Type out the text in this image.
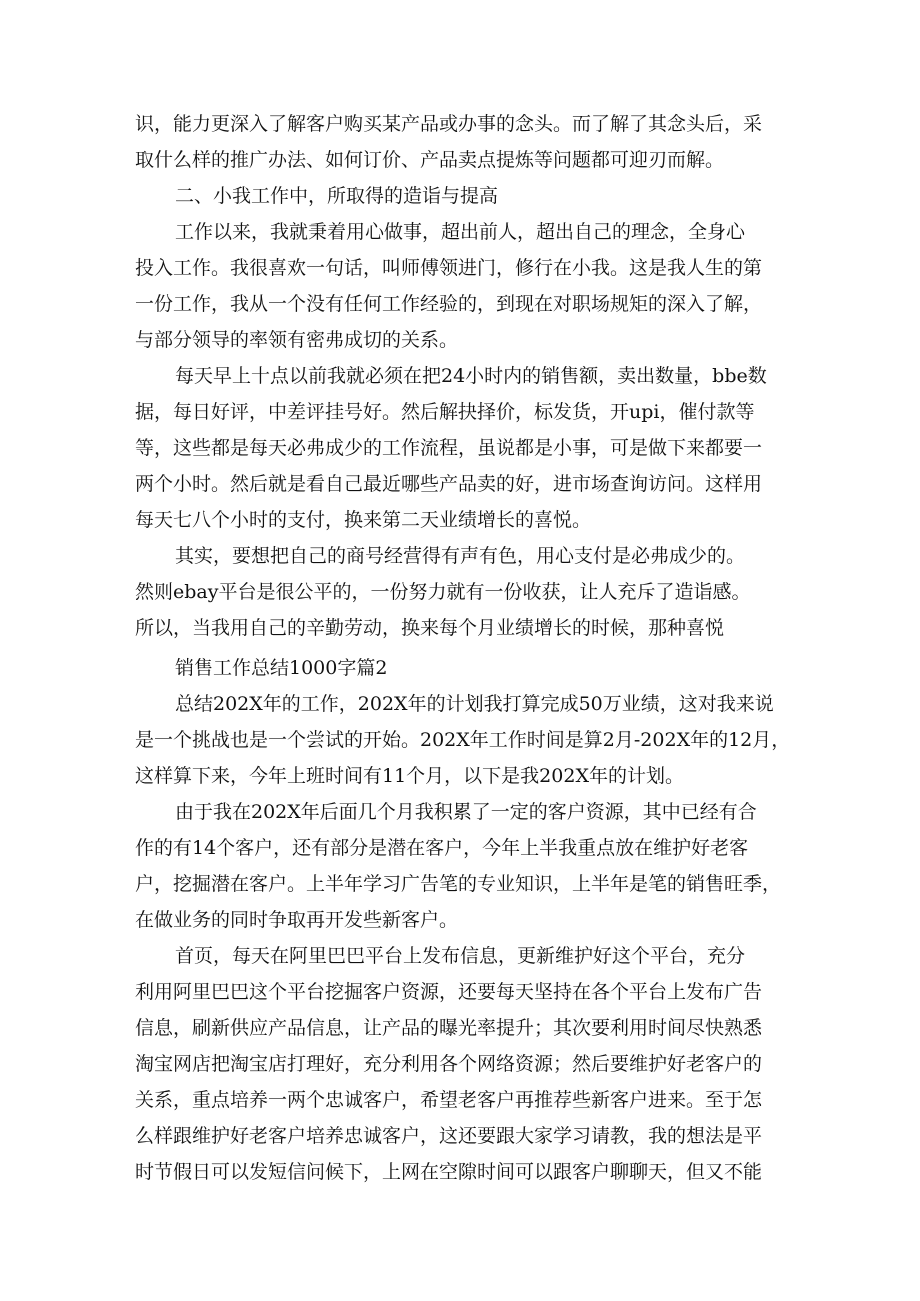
识，能力更深入了解客户购买某产品或办事的念头。而了解了其念头后，采
取什么样的推广办法、如何订价、产品卖点提炼等问题都可迎刃而解。
二、小我工作中，所取得的造诣与提高
工作以来，我就秉着用心做事，超出前人，超出自己的理念，全身心
投入工作。我很喜欢一句话，叫师傅领进门，修行在小我。这是我人生的第
一份工作，我从一个没有任何工作经验的，到现在对职场规矩的深入了解，
与部分领导的率领有密弗成切的关系。
每天早上十点以前我就必须在把24小时内的销售额，卖出数量，bbe数
据，每日好评，中差评挂号好。然后解抉择价，标发货，开upi，催付款等
等，这些都是每天必弗成少的工作流程，虽说都是小事，可是做下来都要一
两个小时。然后就是看自己最近哪些产品卖的好，进市场查询访问。这样用
每天七八个小时的支付，换来第二天业绩增长的喜悦。
其实，要想把自己的商号经营得有声有色，用心支付是必弗成少的。
然则ebay平台是很公平的，一份努力就有一份收获，让人充斥了造诣感。
所以，当我用自己的辛勤劳动，换来每个月业绩增长的时候，那种喜悦
销售工作总结1000字篇2
总结202X年的工作，202X年的计划我打算完成50万业绩，这对我来说
是一个挑战也是一个尝试的开始。202X年工作时间是算2月-202X年的12月，
这样算下来，今年上班时间有11个月，以下是我202X年的计划。
由于我在202X年后面几个月我积累了一定的客户资源，其中已经有合
作的有14个客户，还有部分是潜在客户，今年上半我重点放在维护好老客
户，挖掘潜在客户。上半年学习广告笔的专业知识，上半年是笔的销售旺季，
在做业务的同时争取再开发些新客户。
首页，每天在阿里巴巴平台上发布信息，更新维护好这个平台，充分
利用阿里巴巴这个平台挖掘客户资源，还要每天坚持在各个平台上发布广告
信息，刷新供应产品信息，让产品的曝光率提升；其次要利用时间尽快熟悉
淘宝网店把淘宝店打理好，充分利用各个网络资源；然后要维护好老客户的
关系，重点培养一两个忠诚客户，希望老客户再推荐些新客户进来。至于怎
么样跟维护好老客户培养忠诚客户，这还要跟大家学习请教，我的想法是平
时节假日可以发短信问候下，上网在空隙时间可以跟客户聊聊天，但又不能
